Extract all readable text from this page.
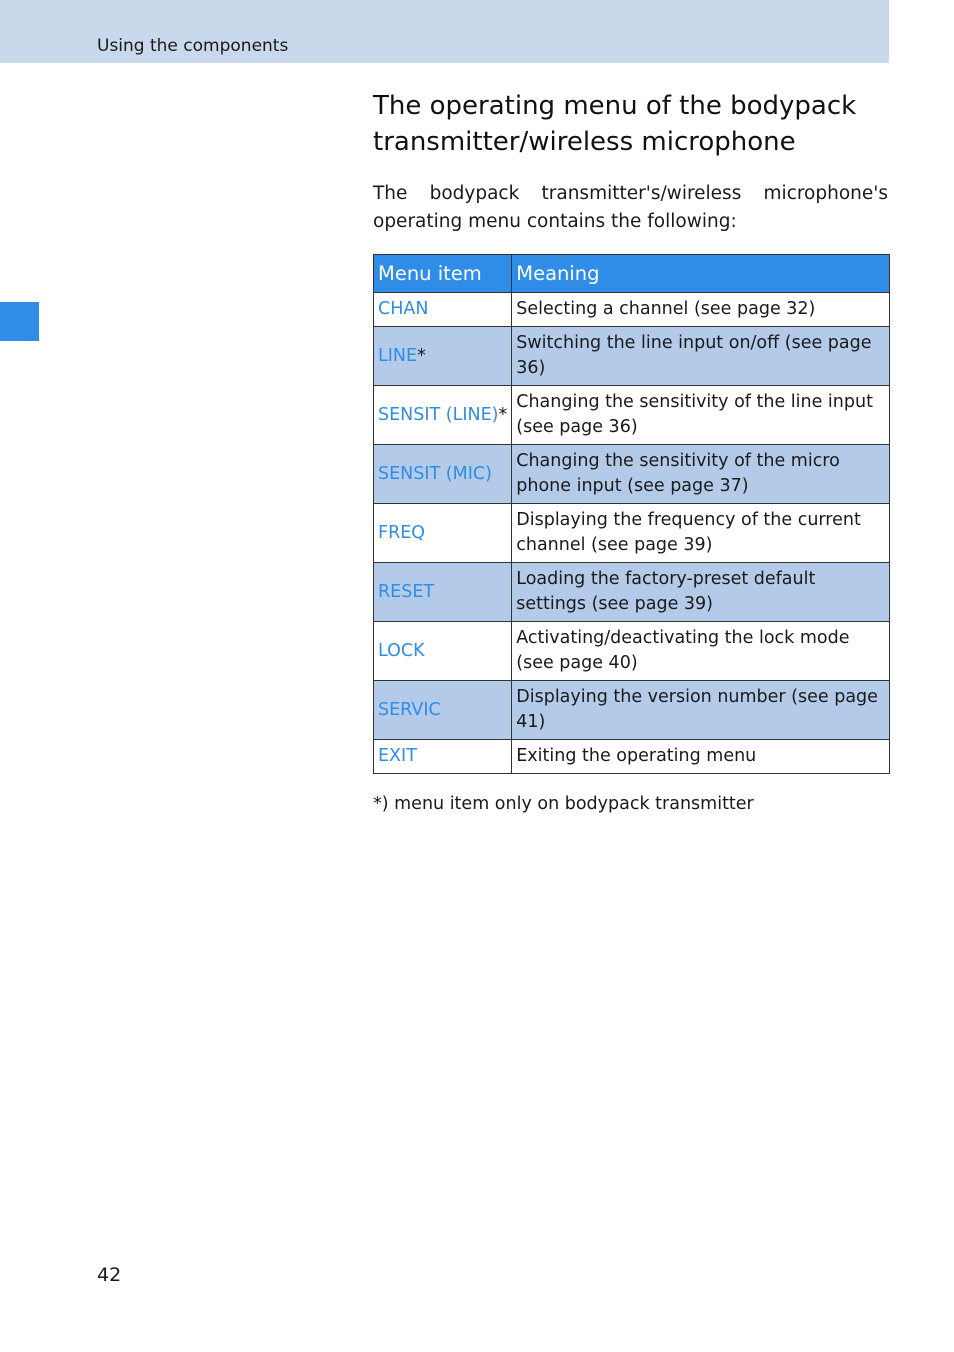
Using the components
The operating menu of the bodypack transmitter/wireless microphone

The bodypack transmitter's/wireless microphone's operating menu contains the following:

Menu item	Meaning
CHAN	Selecting a channel (see page 32)
LINE*	Switching the line input on/off (see page 36)
SENSIT (LINE)*	Changing the sensitivity of the line input (see page 36)
SENSIT (MIC)	Changing the sensitivity of the micro phone input (see page 37)
FREQ	Displaying the frequency of the current channel (see page 39)
RESET	Loading the factory-preset default settings (see page 39)
LOCK	Activating/deactivating the lock mode (see page 40)
SERVIC	Displaying the version number (see page 41)
EXIT	Exiting the operating menu
*) menu item only on bodypack transmitter
42
